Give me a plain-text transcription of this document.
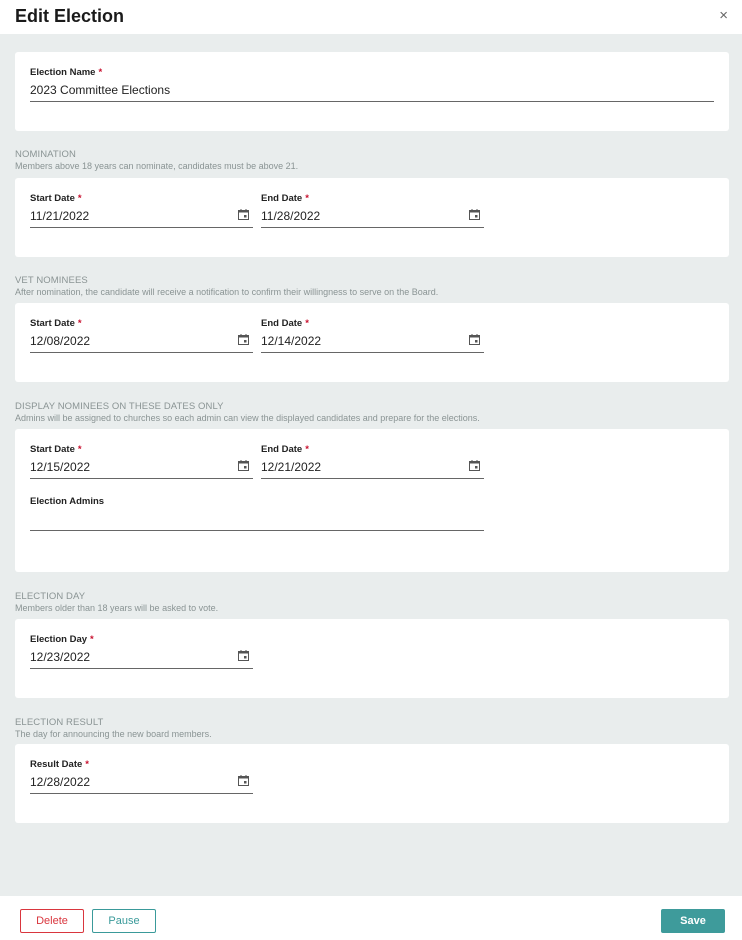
Edit Election	×
Election Name *
2023 Committee Elections
NOMINATION
Members above 18 years can nominate, candidates must be above 21.
Start Date *
11/21/2022
End Date *
11/28/2022
VET NOMINEES
After nomination, the candidate will receive a notification to confirm their willingness to serve on the Board.
Start Date *
12/08/2022
End Date *
12/14/2022
DISPLAY NOMINEES ON THESE DATES ONLY
Admins will be assigned to churches so each admin can view the displayed candidates and prepare for the elections.
Start Date *
12/15/2022
End Date *
12/21/2022
Election Admins
ELECTION DAY
Members older than 18 years will be asked to vote.
Election Day *
12/23/2022
ELECTION RESULT
The day for announcing the new board members.
Result Date *
12/28/2022
Delete	Pause	Save
